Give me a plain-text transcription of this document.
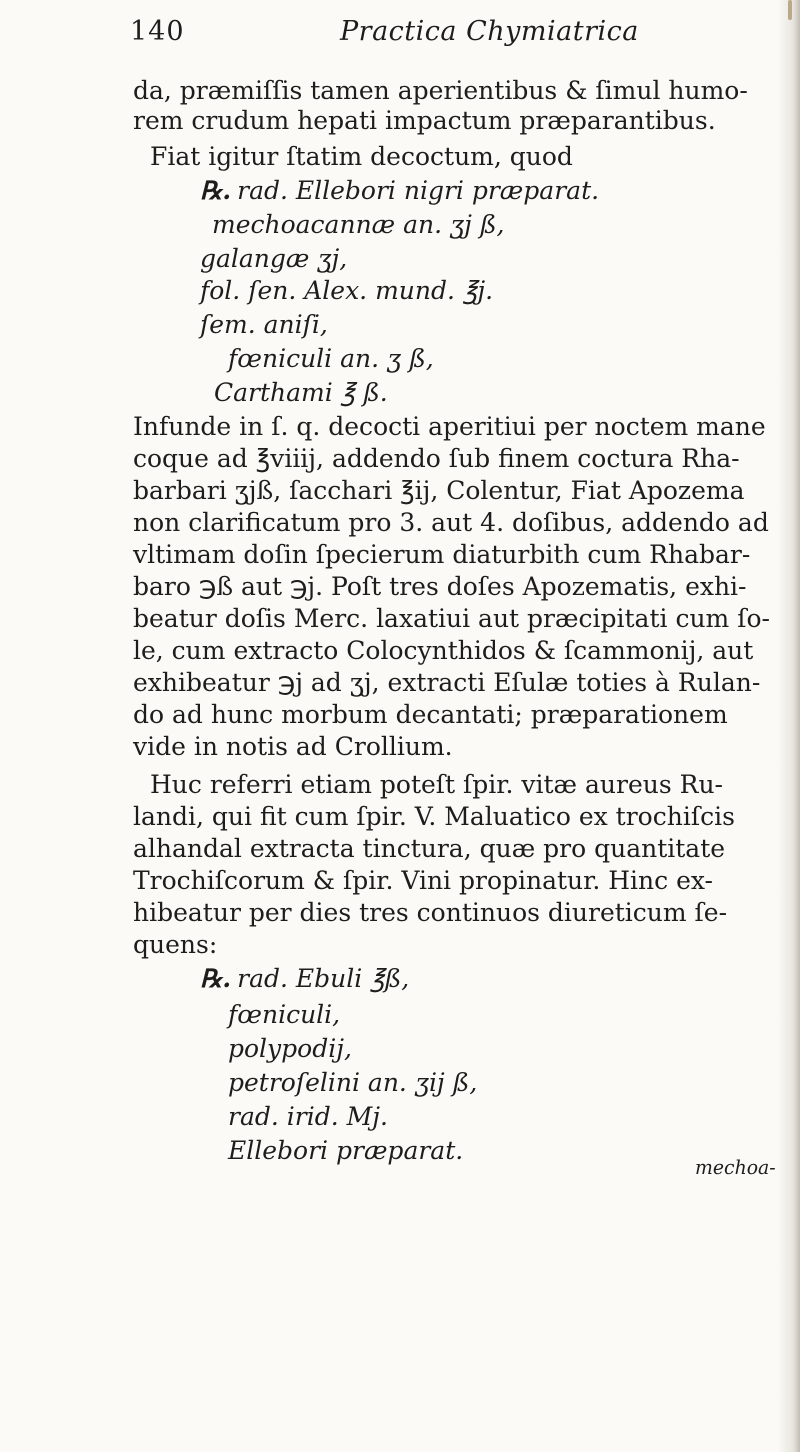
140	Practica Chymiatrica
da, præmiſſis tamen aperientibus & ſimul humo-
rem crudum hepati impactum præparantibus.
Fiat igitur ſtatim decoctum, quod
℞. rad. Ellebori nigri præparat.
mechoacannæ an. ʒj ß,
galangæ ʒj,
fol. ſen. Alex. mund. ℥j.
ſem. aniſi,
fœniculi an. ʒ ß,
Carthami ℥ ß.
Infunde in ſ. q. decocti aperitiui per noctem mane
coque ad ℥viiij, addendo ſub finem coctura Rha-
barbari ʒjß, ſacchari ℥ij, Colentur, Fiat Apozema
non clarificatum pro 3. aut 4. doſibus, addendo ad
vltimam doſin ſpecierum diaturbith cum Rhabar-
baro ℈ß aut ℈j. Poſt tres doſes Apozematis, exhi-
beatur doſis Merc. laxatiui aut præcipitati cum ſo-
le, cum extracto Colocynthidos & ſcammonij, aut
exhibeatur ℈j ad ʒj, extracti Eſulæ toties à Rulan-
do ad hunc morbum decantati; præparationem
vide in notis ad Crollium.
Huc referri etiam poteſt ſpir. vitæ aureus Ru-
landi, qui fit cum ſpir. V. Maluatico ex trochiſcis
alhandal extracta tinctura, quæ pro quantitate
Trochiſcorum & ſpir. Vini propinatur. Hinc ex-
hibeatur per dies tres continuos diureticum ſe-
quens:
℞. rad. Ebuli ℥ß,
fœniculi,
polypodij,
petroſelini an. ʒij ß,
rad. irid. Mj.
Ellebori præparat.
mechoa-
